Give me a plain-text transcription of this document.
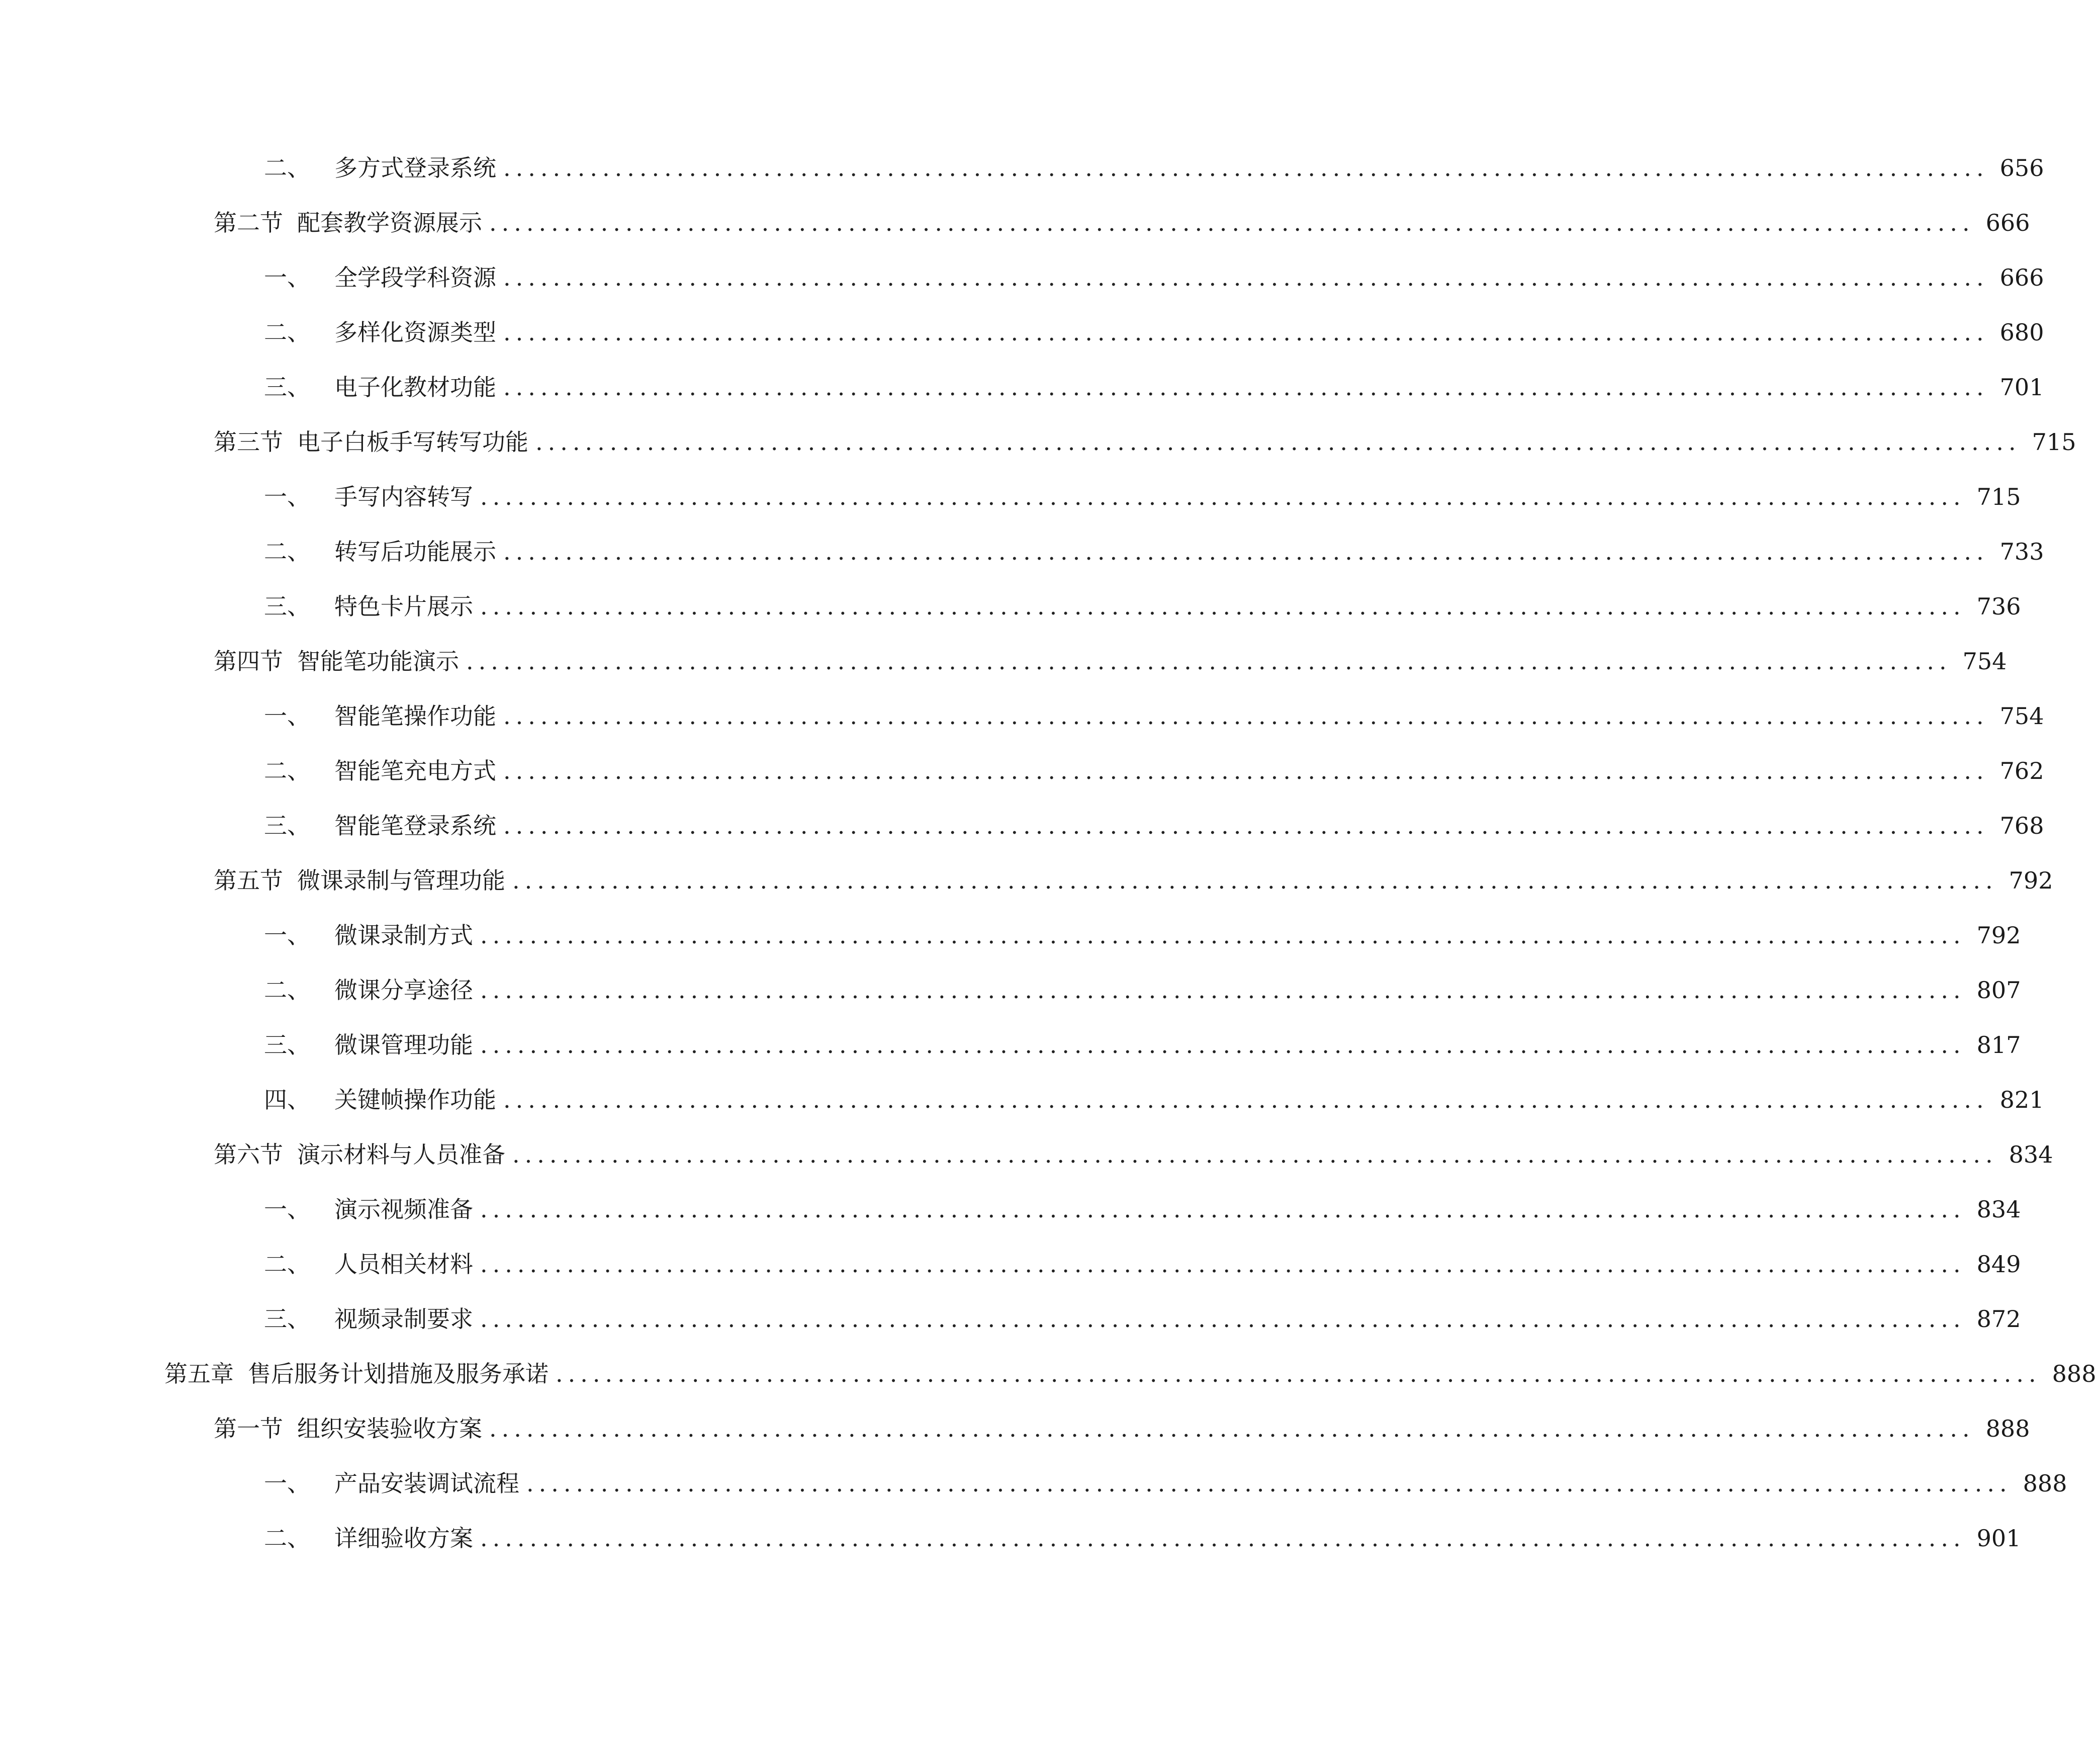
二、 多方式登录系统 ........................................................................................................................ 656
第二节 配套教学资源展示 ........................................................................................................................ 666
一、 全学段学科资源 ........................................................................................................................ 666
二、 多样化资源类型 ........................................................................................................................ 680
三、 电子化教材功能 ........................................................................................................................ 701
第三节 电子白板手写转写功能 ........................................................................................................................ 715
一、 手写内容转写 ........................................................................................................................ 715
二、 转写后功能展示 ........................................................................................................................ 733
三、 特色卡片展示 ........................................................................................................................ 736
第四节 智能笔功能演示 ........................................................................................................................ 754
一、 智能笔操作功能 ........................................................................................................................ 754
二、 智能笔充电方式 ........................................................................................................................ 762
三、 智能笔登录系统 ........................................................................................................................ 768
第五节 微课录制与管理功能 ........................................................................................................................ 792
一、 微课录制方式 ........................................................................................................................ 792
二、 微课分享途径 ........................................................................................................................ 807
三、 微课管理功能 ........................................................................................................................ 817
四、 关键帧操作功能 ........................................................................................................................ 821
第六节 演示材料与人员准备 ........................................................................................................................ 834
一、 演示视频准备 ........................................................................................................................ 834
二、 人员相关材料 ........................................................................................................................ 849
三、 视频录制要求 ........................................................................................................................ 872
第五章 售后服务计划措施及服务承诺 ........................................................................................................................ 888
第一节 组织安装验收方案 ........................................................................................................................ 888
一、 产品安装调试流程 ........................................................................................................................ 888
二、 详细验收方案 ........................................................................................................................ 901
